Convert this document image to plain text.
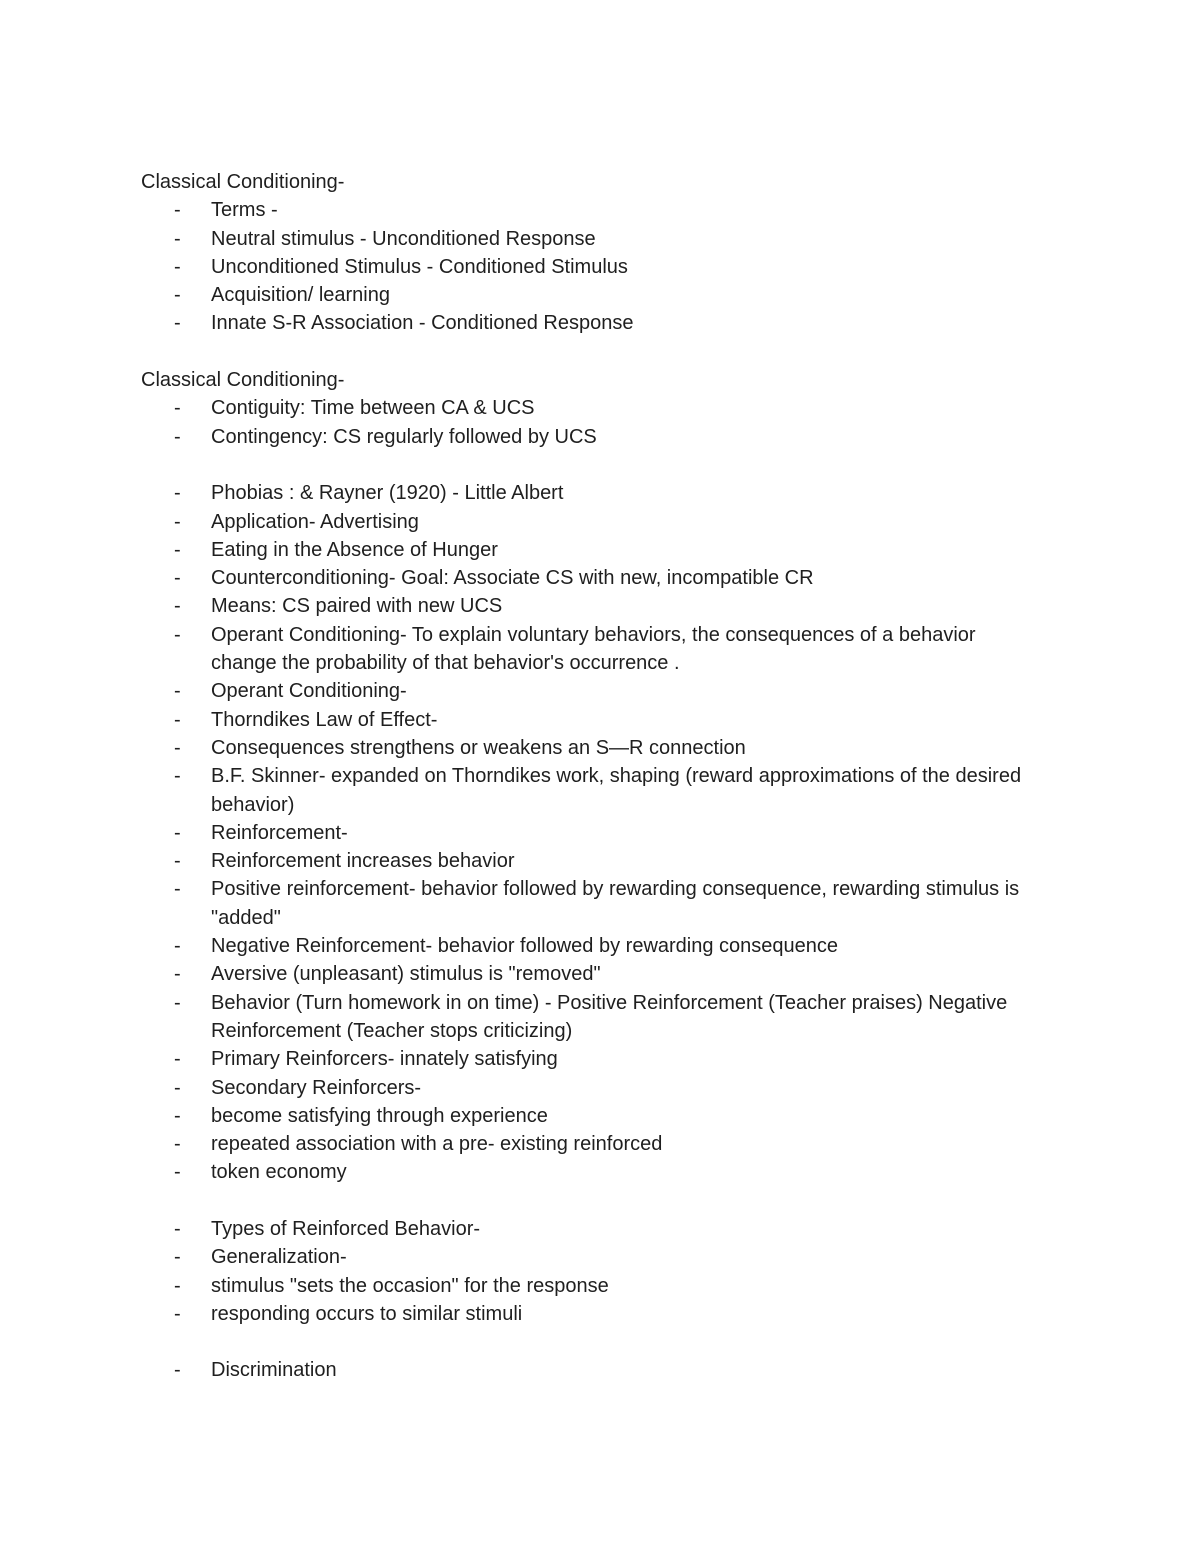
Classical Conditioning-
- Terms -
- Neutral stimulus - Unconditioned Response
- Unconditioned Stimulus - Conditioned Stimulus
- Acquisition/ learning
- Innate S-R Association - Conditioned Response
Classical Conditioning-
- Contiguity: Time between CA & UCS
- Contingency: CS regularly followed by UCS
- Phobias : & Rayner (1920) - Little Albert
- Application- Advertising
- Eating in the Absence of Hunger
- Counterconditioning- Goal: Associate CS with new, incompatible CR
- Means: CS paired with new UCS
- Operant Conditioning- To explain voluntary behaviors, the consequences of a behavior change the probability of that behavior's occurrence .
- Operant Conditioning-
- Thorndikes Law of Effect-
- Consequences strengthens or weakens an S—R connection
- B.F. Skinner- expanded on Thorndikes work, shaping (reward approximations of the desired behavior)
- Reinforcement-
- Reinforcement increases behavior
- Positive reinforcement- behavior followed by rewarding consequence, rewarding stimulus is "added"
- Negative Reinforcement- behavior followed by rewarding consequence
- Aversive (unpleasant) stimulus is "removed"
- Behavior (Turn homework in on time) - Positive Reinforcement (Teacher praises) Negative Reinforcement (Teacher stops criticizing)
- Primary Reinforcers- innately satisfying
- Secondary Reinforcers-
- become satisfying through experience
- repeated association with a pre- existing reinforced
- token economy
- Types of Reinforced Behavior-
- Generalization-
- stimulus "sets the occasion" for the response
- responding occurs to similar stimuli
- Discrimination
